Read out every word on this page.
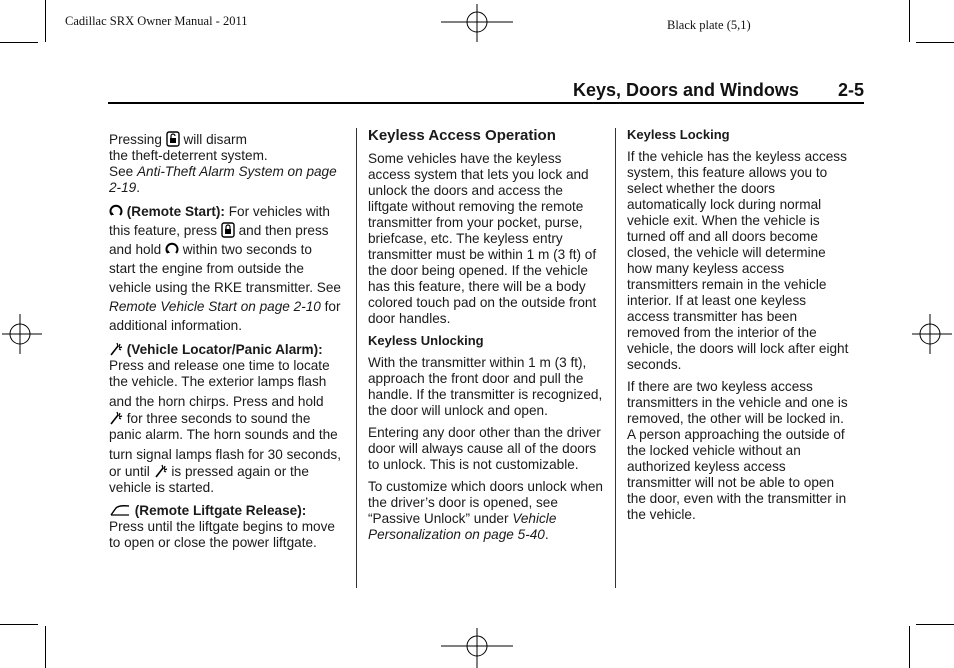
Cadillac SRX Owner Manual - 2011	Black plate (5,1)
Keys, Doors and Windows 2-5

Pressing will disarm
the theft-deterrent system.
See Anti-Theft Alarm System on page 2-19.

(Remote Start): For vehicles with this feature, press and then press and hold within two seconds to start the engine from outside the vehicle using the RKE transmitter. See Remote Vehicle Start on page 2-10 for additional information.

(Vehicle Locator/Panic Alarm): Press and release one time to locate the vehicle. The exterior lamps flash and the horn chirps. Press and hold
for three seconds to sound the panic alarm. The horn sounds and the turn signal lamps flash for 30 seconds, or until is pressed again or the vehicle is started.

(Remote Liftgate Release): Press until the liftgate begins to move to open or close the power liftgate.

Keyless Access Operation

Some vehicles have the keyless access system that lets you lock and unlock the doors and access the liftgate without removing the remote transmitter from your pocket, purse, briefcase, etc. The keyless entry transmitter must be within 1 m (3 ft) of the door being opened. If the vehicle has this feature, there will be a body colored touch pad on the outside front door handles.

Keyless Unlocking

With the transmitter within 1 m (3 ft), approach the front door and pull the handle. If the transmitter is recognized, the door will unlock and open.

Entering any door other than the driver door will always cause all of the doors to unlock. This is not customizable.

To customize which doors unlock when the driver’s door is opened, see “Passive Unlock” under Vehicle Personalization on page 5-40.

Keyless Locking

If the vehicle has the keyless access system, this feature allows you to select whether the doors automatically lock during normal vehicle exit. When the vehicle is turned off and all doors become closed, the vehicle will determine how many keyless access transmitters remain in the vehicle interior. If at least one keyless access transmitter has been removed from the interior of the vehicle, the doors will lock after eight seconds.

If there are two keyless access transmitters in the vehicle and one is removed, the other will be locked in. A person approaching the outside of the locked vehicle without an authorized keyless access transmitter will not be able to open the door, even with the transmitter in the vehicle.
